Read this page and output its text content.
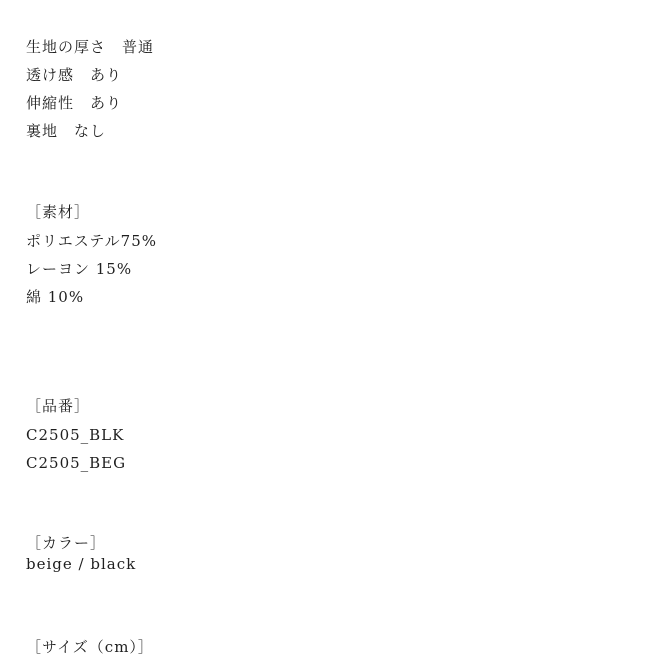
生地の厚さ　普通
透け感　あり
伸縮性　あり
裏地　なし
［素材］
ポリエステル75%
レーヨン 15%
綿 10%
［品番］
C2505_BLK
C2505_BEG
［カラー］
beige / black
［サイズ（cm）］
